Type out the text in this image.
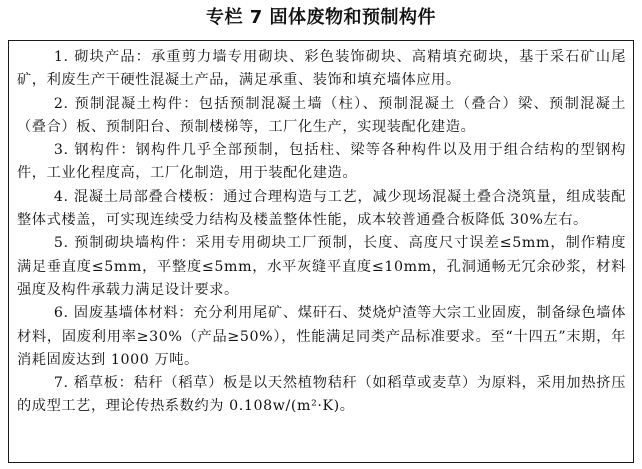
专栏 7 固体废物和预制构件

1. 砌块产品：承重剪力墙专用砌块、彩色装饰砌块、高精填充砌块，基于采石矿山尾矿，利废生产干硬性混凝土产品，满足承重、装饰和填充墙体应用。

2. 预制混凝土构件：包括预制混凝土墙（柱）、预制混凝土（叠合）梁、预制混凝土（叠合）板、预制阳台、预制楼梯等，工厂化生产，实现装配化建造。

3. 钢构件：钢构件几乎全部预制，包括柱、梁等各种构件以及用于组合结构的型钢构件，工业化程度高，工厂化制造，用于装配化建造。

4. 混凝土局部叠合楼板：通过合理构造与工艺，减少现场混凝土叠合浇筑量，组成装配整体式楼盖，可实现连续受力结构及楼盖整体性能，成本较普通叠合板降低 30%左右。

5. 预制砌块墙构件：采用专用砌块工厂预制，长度、高度尺寸误差≤5mm，制作精度满足垂直度≤5mm，平整度≤5mm，水平灰缝平直度≤10mm，孔洞通畅无冗余砂浆，材料强度及构件承载力满足设计要求。

6. 固废基墙体材料：充分利用尾矿、煤矸石、焚烧炉渣等大宗工业固废，制备绿色墙体材料，固废利用率≥30%（产品≥50%），性能满足同类产品标准要求。至“十四五”末期，年消耗固废达到 1000 万吨。

7. 稻草板：秸秆（稻草）板是以天然植物秸秆（如稻草或麦草）为原料，采用加热挤压的成型工艺，理论传热系数约为 0.108w/(m²·K)。
